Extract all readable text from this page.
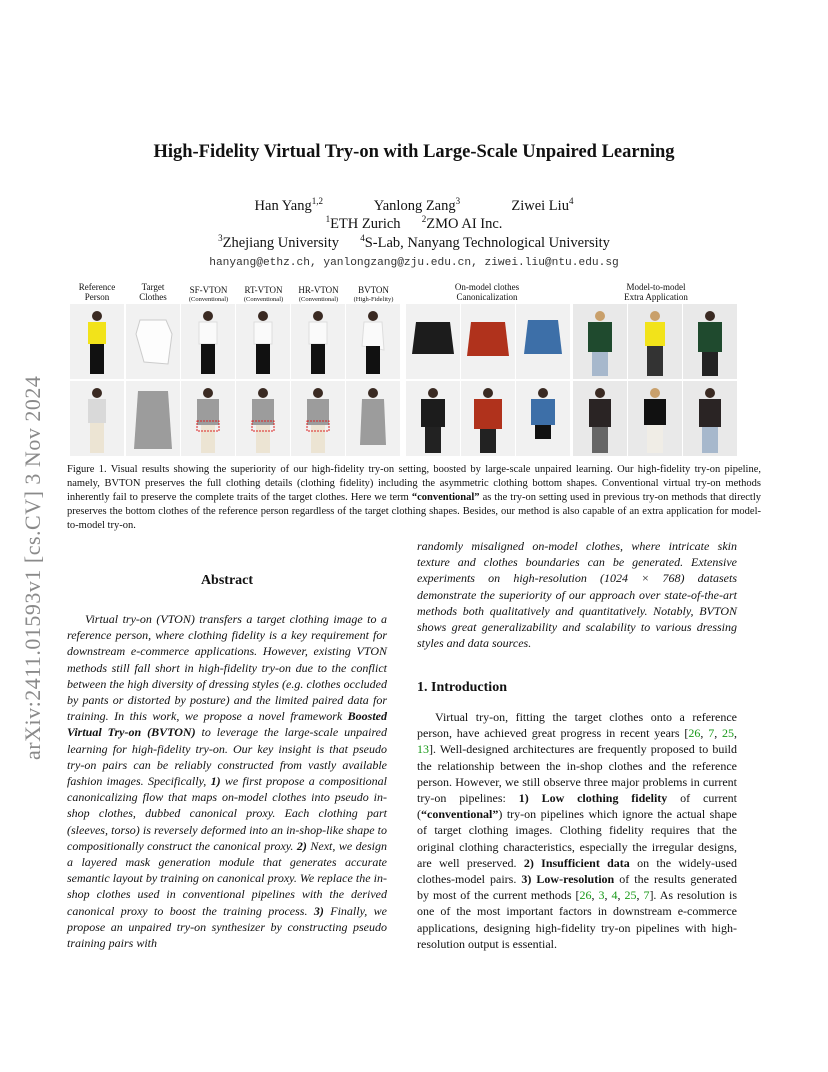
arXiv:2411.01593v1 [cs.CV] 3 Nov 2024
High-Fidelity Virtual Try-on with Large-Scale Unpaired Learning
Han Yang$^{1,2}$	Yanlong Zang$^3$	Ziwei Liu$^4$
$^1$ETH Zurich $^2$ZMO AI Inc.
$^3$Zhejiang University $^4$S-Lab, Nanyang Technological University
hanyang@ethz.ch, yanlongzang@zju.edu.cn, ziwei.liu@ntu.edu.sg
Reference
Person
Target
Clothes
SF-VTON
(Conventional)
RT-VTON
(Conventional)
HR-VTON
(Conventional)
BVTON
(High-Fidelity)
On-model clothes
Canonicalization
Model-to-model
Extra Application
Figure 1. Visual results showing the superiority of our high-fidelity try-on setting, boosted by large-scale unpaired learning. Our high-fidelity try-on pipeline, namely, BVTON preserves the full clothing details (clothing fidelity) including the asymmetric clothing bottom shapes. Conventional virtual try-on methods inherently fail to preserve the complete traits of the target clothes. Here we term “conventional” as the try-on setting used in previous try-on methods that directly preserves the bottom clothes of the reference person regardless of the target clothing shapes. Besides, our method is also capable of an extra application for model-to-model try-on.
Abstract
Virtual try-on (VTON) transfers a target clothing image to a reference person, where clothing fidelity is a key requirement for downstream e-commerce applications. However, existing VTON methods still fall short in high-fidelity try-on due to the conflict between the high diversity of dressing styles (e.g. clothes occluded by pants or distorted by posture) and the limited paired data for training. In this work, we propose a novel framework Boosted Virtual Try-on (BVTON) to leverage the large-scale unpaired learning for high-fidelity try-on. Our key insight is that pseudo try-on pairs can be reliably constructed from vastly available fashion images. Specifically, 1) we first propose a compositional canonicalizing flow that maps on-model clothes into pseudo in-shop clothes, dubbed canonical proxy. Each clothing part (sleeves, torso) is reversely deformed into an in-shop-like shape to compositionally construct the canonical proxy. 2) Next, we design a layered mask generation module that generates accurate semantic layout by training on canonical proxy. We replace the in-shop clothes used in conventional pipelines with the derived canonical proxy to boost the training process. 3) Finally, we propose an unpaired try-on synthesizer by constructing pseudo training pairs with
randomly misaligned on-model clothes, where intricate skin texture and clothes boundaries can be generated. Extensive experiments on high-resolution (1024 × 768) datasets demonstrate the superiority of our approach over state-of-the-art methods both qualitatively and quantitatively. Notably, BVTON shows great generalizability and scalability to various dressing styles and data sources.
1. Introduction
Virtual try-on, fitting the target clothes onto a reference person, have achieved great progress in recent years [26, 7, 25, 13]. Well-designed architectures are frequently proposed to build the relationship between the in-shop clothes and the reference person. However, we still observe three major problems in current try-on pipelines: 1) Low clothing fidelity of current (“conventional”) try-on pipelines which ignore the actual shape of target clothing images. Clothing fidelity requires that the original clothing characteristics, especially the irregular designs, are well preserved. 2) Insufficient data on the widely-used clothes-model pairs. 3) Low-resolution of the results generated by most of the current methods [26, 3, 4, 25, 7]. As resolution is one of the most important factors in downstream e-commerce applications, designing high-fidelity try-on pipelines with high-resolution output is essential.
